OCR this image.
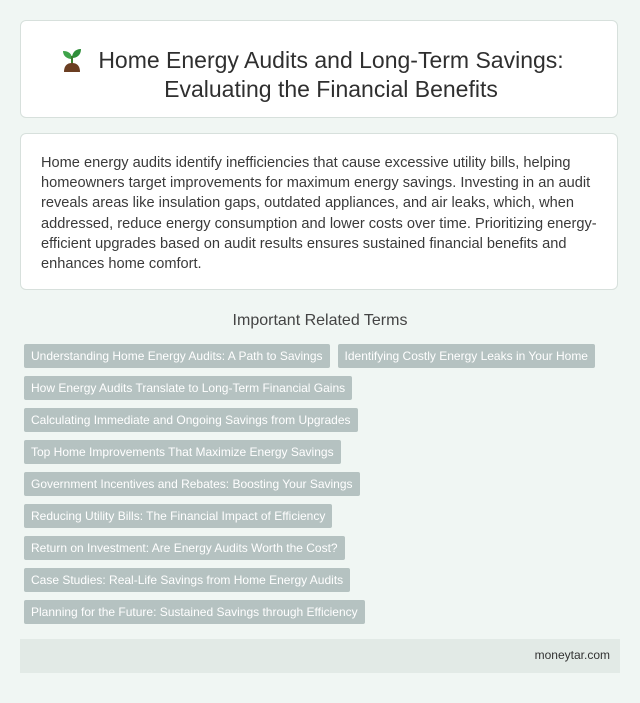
Home Energy Audits and Long-Term Savings: Evaluating the Financial Benefits

Home energy audits identify inefficiencies that cause excessive utility bills, helping homeowners target improvements for maximum energy savings. Investing in an audit reveals areas like insulation gaps, outdated appliances, and air leaks, which, when addressed, reduce energy consumption and lower costs over time. Prioritizing energy-efficient upgrades based on audit results ensures sustained financial benefits and enhances home comfort.

Important Related Terms
Understanding Home Energy Audits: A Path to Savings	Identifying Costly Energy Leaks in Your Home
How Energy Audits Translate to Long-Term Financial Gains
Calculating Immediate and Ongoing Savings from Upgrades
Top Home Improvements That Maximize Energy Savings
Government Incentives and Rebates: Boosting Your Savings
Reducing Utility Bills: The Financial Impact of Efficiency
Return on Investment: Are Energy Audits Worth the Cost?
Case Studies: Real-Life Savings from Home Energy Audits
Planning for the Future: Sustained Savings through Efficiency
moneytar.com
